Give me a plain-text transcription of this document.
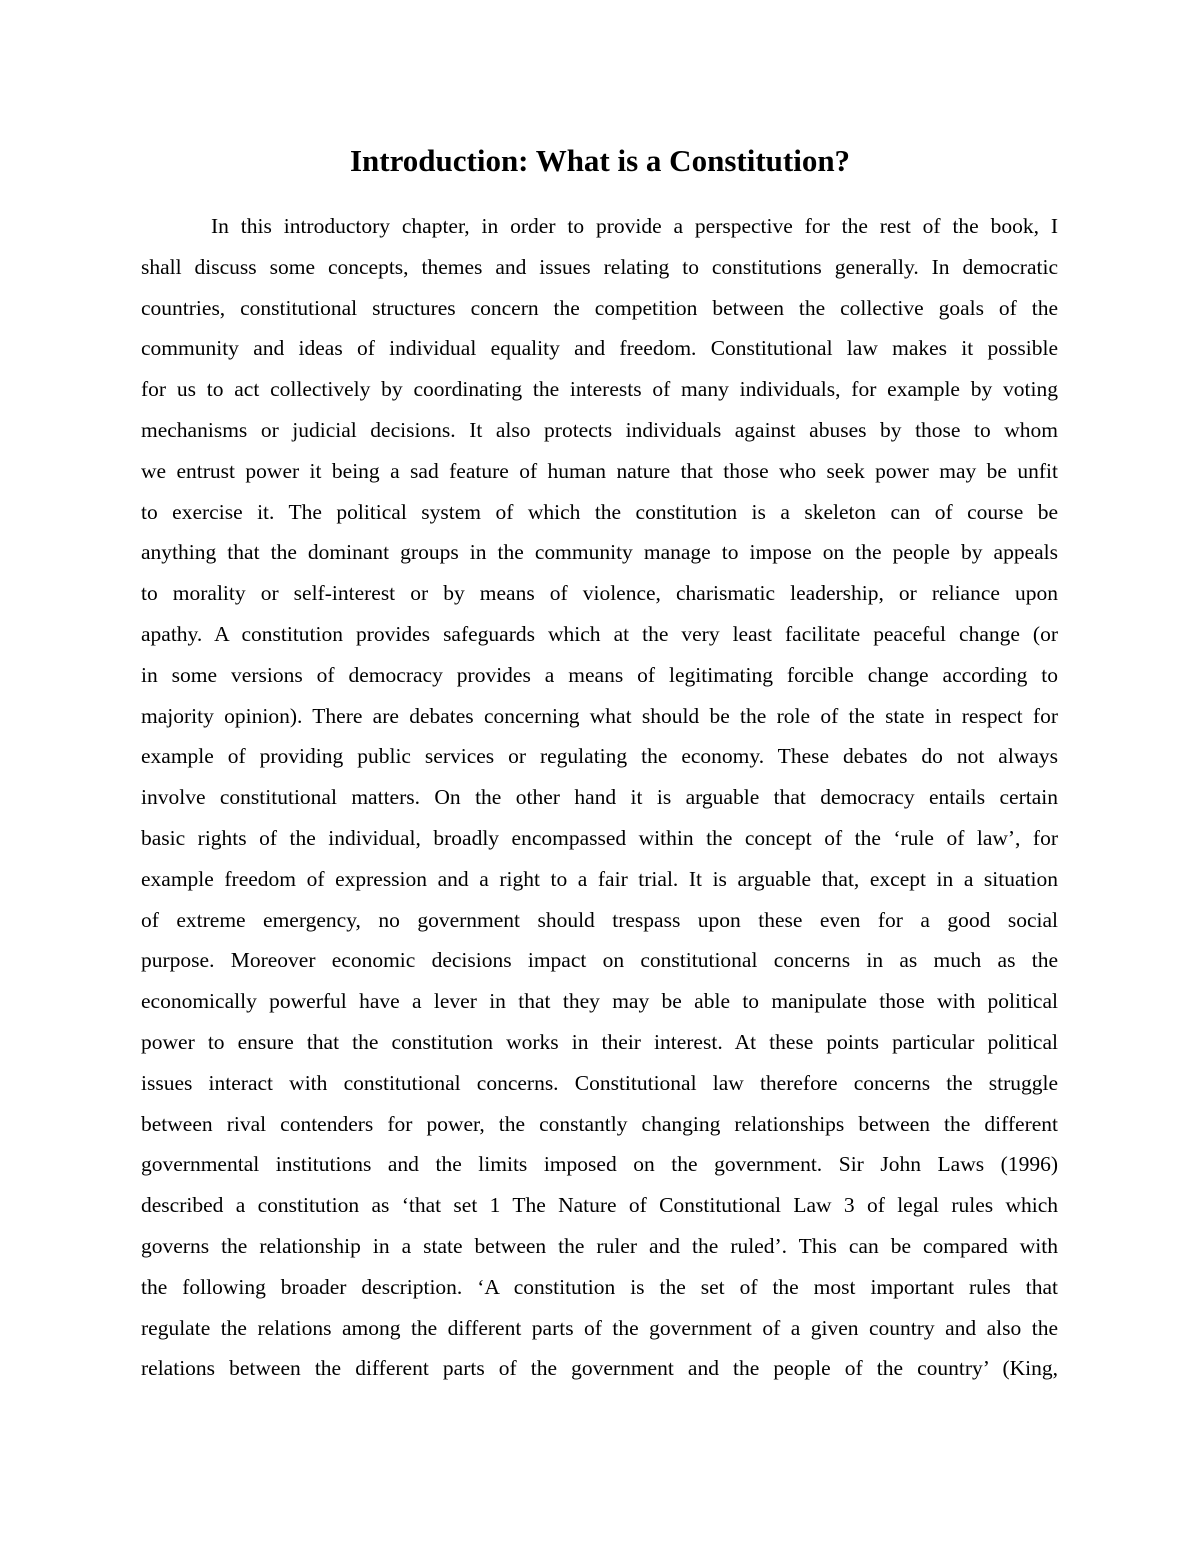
Introduction: What is a Constitution?
In this introductory chapter, in order to provide a perspective for the rest of the book, I
shall discuss some concepts, themes and issues relating to constitutions generally. In democratic
countries, constitutional structures concern the competition between the collective goals of the
community and ideas of individual equality and freedom. Constitutional law makes it possible
for us to act collectively by coordinating the interests of many individuals, for example by voting
mechanisms or judicial decisions. It also protects individuals against abuses by those to whom
we entrust power it being a sad feature of human nature that those who seek power may be unfit
to exercise it. The political system of which the constitution is a skeleton can of course be
anything that the dominant groups in the community manage to impose on the people by appeals
to morality or self-interest or by means of violence, charismatic leadership, or reliance upon
apathy. A constitution provides safeguards which at the very least facilitate peaceful change (or
in some versions of democracy provides a means of legitimating forcible change according to
majority opinion). There are debates concerning what should be the role of the state in respect for
example of providing public services or regulating the economy. These debates do not always
involve constitutional matters. On the other hand it is arguable that democracy entails certain
basic rights of the individual, broadly encompassed within the concept of the ‘rule of law’, for
example freedom of expression and a right to a fair trial. It is arguable that, except in a situation
of extreme emergency, no government should trespass upon these even for a good social
purpose. Moreover economic decisions impact on constitutional concerns in as much as the
economically powerful have a lever in that they may be able to manipulate those with political
power to ensure that the constitution works in their interest. At these points particular political
issues interact with constitutional concerns. Constitutional law therefore concerns the struggle
between rival contenders for power, the constantly changing relationships between the different
governmental institutions and the limits imposed on the government. Sir John Laws (1996)
described a constitution as ‘that set 1 The Nature of Constitutional Law 3 of legal rules which
governs the relationship in a state between the ruler and the ruled’. This can be compared with
the following broader description. ‘A constitution is the set of the most important rules that
regulate the relations among the different parts of the government of a given country and also the
relations between the different parts of the government and the people of the country’ (King,
